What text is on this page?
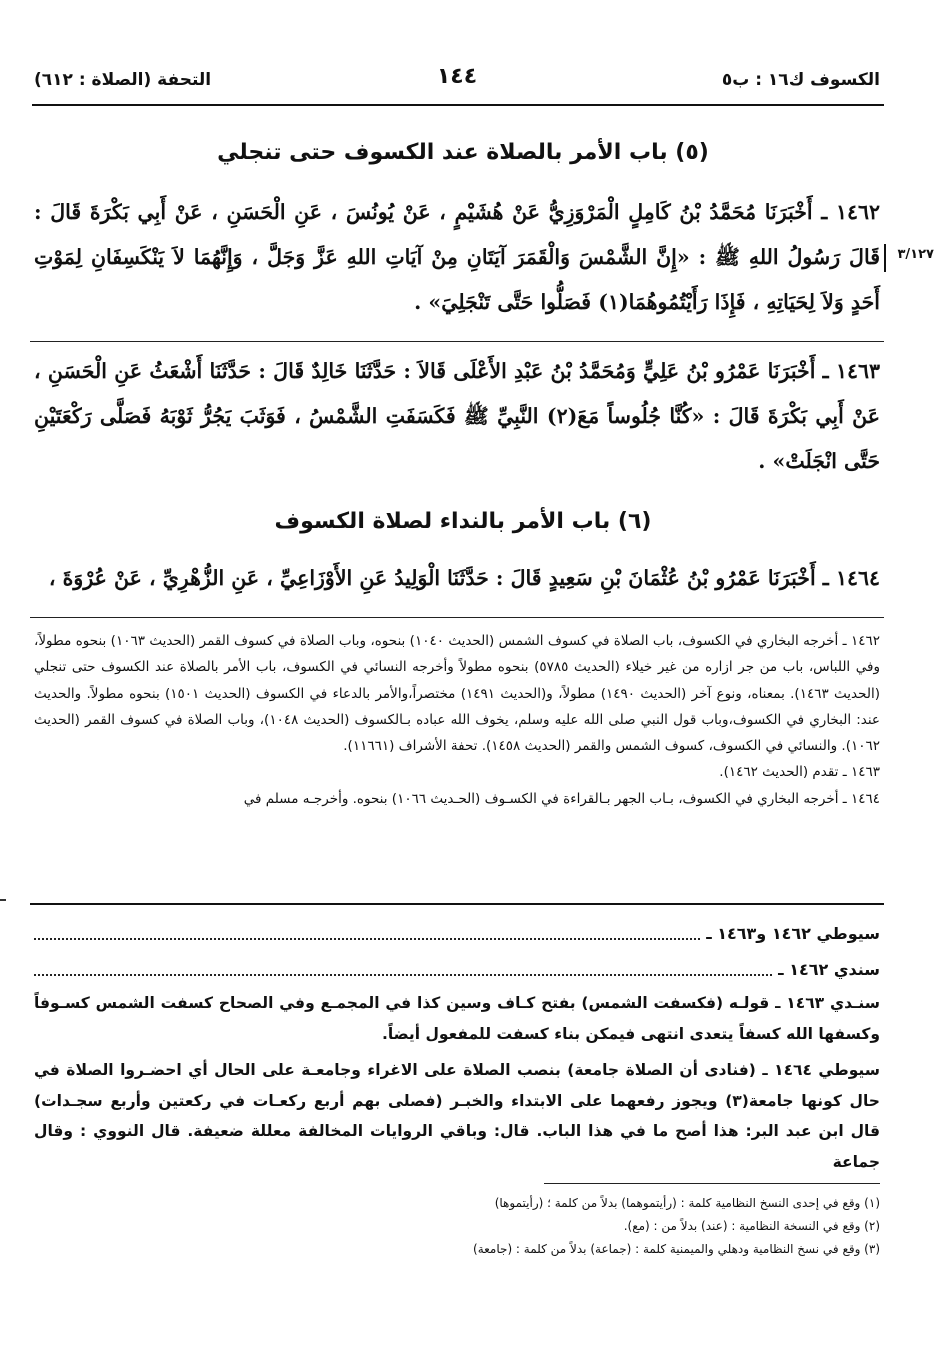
الكسوف ك١٦ : ب٥
١٤٤
التحفة (الصلاة : ٦١٢)
(٥) باب الأمر بالصلاة عند الكسوف حتى تنجلي
١٤٦٢ ـ أَخْبَرَنَا مُحَمَّدُ بْنُ كَامِلٍ الْمَرْوَزِيُّ عَنْ هُشَيْمٍ ، عَنْ يُونُسَ ، عَنِ الْحَسَنِ ، عَنْ أَبِي بَكْرَةَ قَالَ : قَالَ رَسُولُ اللهِ ﷺ : «إِنَّ الشَّمْسَ وَالْقَمَرَ آيَتَانِ مِنْ آيَاتِ اللهِ عَزَّ وَجَلَّ ، وَإِنَّهُمَا لاَ يَنْكَسِفَانِ لِمَوْتِ أَحَدٍ وَلاَ لِحَيَاتِهِ ، فَإِذَا رَأَيْتُمُوهُمَا(١) فَصَلُّوا حَتَّى تَنْجَلِيَ» .
٣/١٢٧
١٤٦٣ ـ أَخْبَرَنَا عَمْرُو بْنُ عَلِيٍّ وَمُحَمَّدُ بْنُ عَبْدِ الأَعْلَى قَالاَ : حَدَّثَنَا خَالِدٌ قَالَ : حَدَّثَنَا أَشْعَثُ عَنِ الْحَسَنِ ، عَنْ أَبِي بَكْرَةَ قَالَ : «كُنَّا جُلُوساً مَعَ(٢) النَّبِيِّ ﷺ فَكَسَفَتِ الشَّمْسُ ، فَوَثَبَ يَجُرُّ ثَوْبَهُ فَصَلَّى رَكْعَتَيْنِ حَتَّى انْجَلَتْ» .
(٦) باب الأمر بالنداء لصلاة الكسوف
١٤٦٤ ـ أَخْبَرَنَا عَمْرُو بْنُ عُثْمَانَ بْنِ سَعِيدٍ قَالَ : حَدَّثَنَا الْوَلِيدُ عَنِ الأَوْزَاعِيِّ ، عَنِ الزُّهْرِيِّ ، عَنْ عُرْوَةَ ،

١٤٦٢ ـ أخرجه البخاري في الكسوف، باب الصلاة في كسوف الشمس (الحديث ١٠٤٠) بنحوه، وباب الصلاة في كسوف القمر (الحديث ١٠٦٣) بنحوه مطولاً، وفي اللباس، باب من جر ازاره من غير خيلاء (الحديث ٥٧٨٥) بنحوه مطولاً وأخرجه النسائي في الكسوف، باب الأمر بالصلاة عند الكسوف حتى تنجلي (الحديث ١٤٦٣). بمعناه، ونوع آخر (الحديث ١٤٩٠) مطولاً، و(الحديث ١٤٩١) مختصراً،والأمر بالدعاء في الكسوف (الحديث ١٥٠١) بنحوه مطولاً. والحديث عند: البخاري في الكسوف،وباب قول النبي صلى الله عليه وسلم، يخوف الله عباده بـالكسوف (الحديث ١٠٤٨)، وباب الصلاة في كسوف القمر (الحديث ١٠٦٢). والنسائي في الكسوف، كسوف الشمس والقمر (الحديث ١٤٥٨). تحفة الأشراف (١١٦٦١).

١٤٦٣ ـ تقدم (الحديث ١٤٦٢).

١٤٦٤ ـ أخرجه البخاري في الكسوف، بـاب الجهر بـالقراءة في الكسـوف (الحـديث ١٠٦٦) بنحوه. وأخرجـه مسلم في

سيوطي ١٤٦٢ و١٤٦٣ ـ
سندي ١٤٦٢ ـ

سنـدي ١٤٦٣ ـ قولـه (فكسفت الشمس) بفتح كـاف وسين كذا في المجمـع وفي الصحاح كسفت الشمس كسـوفاً وكسفها الله كسفاً يتعدى انتهى فيمكن بناء كسفت للمفعول أيضاً.

سيوطي ١٤٦٤ ـ (فنادى أن الصلاة جامعة) بنصب الصلاة على الاغراء وجامعـة على الحال أي احضـروا الصلاة في حال كونها جامعة(٣) ويجوز رفعهما على الابتداء والخبـر (فصلى بهم أربع ركعـات في ركعتين وأربع سجـدات) قال ابن عبد البر: هذا أصح ما في هذا الباب. قال: وباقي الروايات المخالفة معللة ضعيفة. قال النووي : وقال جماعة

(١) وقع في إحدى النسخ النظامية كلمة : (رأيتموهما) بدلاً من كلمة ؛ (رأيتموها)

(٢) وقع في النسخة النظامية : (عند) بدلاً من : (مع).

(٣) وقع في نسخ النظامية ودهلي والميمنية كلمة : (جماعة) بدلاً من كلمة : (جامعة)
